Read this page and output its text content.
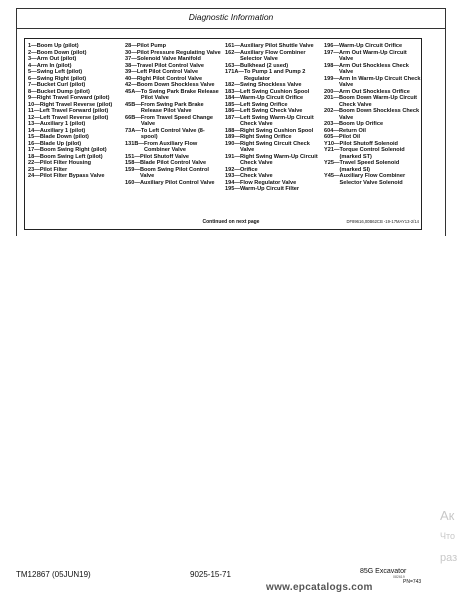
Diagnostic Information
1— Boom Up (pilot)
2— Boom Down (pilot)
3— Arm Out (pilot)
4— Arm In (pilot)
5— Swing Left (pilot)
6— Swing Right (pilot)
7— Bucket Curl (pilot)
8— Bucket Dump (pilot)
9— Right Travel Forward (pilot)
10— Right Travel Reverse (pilot)
11— Left Travel Forward (pilot)
12— Left Travel Reverse (pilot)
13— Auxiliary 1 (pilot)
14— Auxiliary 1 (pilot)
15— Blade Down (pilot)
16— Blade Up (pilot)
17— Boom Swing Right (pilot)
18— Boom Swing Left (pilot)
22— Pilot Filter Housing
23— Pilot Filter
24— Pilot Filter Bypass Valve
28— Pilot Pump
30— Pilot Pressure Regulating Valve
37— Solenoid Valve Manifold
38— Travel Pilot Control Valve
39— Left Pilot Control Valve
40— Right Pilot Control Valve
42— Boom Down Shockless Valve
45A— To Swing Park Brake Release Pilot Valve
45B— From Swing Park Brake Release Pilot Valve
66B— From Travel Speed Change Valve
73A— To Left Control Valve (8-spool)
131B— From Auxiliary Flow Combiner Valve
151— Pilot Shutoff Valve
158— Blade Pilot Control Valve
159— Boom Swing Pilot Control Valve
160— Auxiliary Pilot Control Valve
161— Auxiliary Pilot Shuttle Valve
162— Auxiliary Flow Combiner Selector Valve
163— Bulkhead (2 used)
171A— To Pump 1 and Pump 2 Regulator
182— Swing Shockless Valve
183— Left Swing Cushion Spool
184— Warm-Up Circuit Orifice
185— Left Swing Orifice
186— Left Swing Check Valve
187— Left Swing Warm-Up Circuit Check Valve
188— Right Swing Cushion Spool
189— Right Swing Orifice
190— Right Swing Circuit Check Valve
191— Right Swing Warm-Up Circuit Check Valve
192— Orifice
193— Check Valve
194— Flow Regulator Valve
195— Warm-Up Circuit Filter
196— Warm-Up Circuit Orifice
197— Arm Out Warm-Up Circuit Valve
198— Arm Out Shockless Check Valve
199— Arm In Warm-Up Circuit Check Valve
200— Arm Out Shockless Orifice
201— Boom Down Warm-Up Circuit Check Valve
202— Boom Down Shockless Check Valve
203— Boom Up Orifice
604— Return Oil
605— Pilot Oil
Y10— Pilot Shutoff Solenoid
Y21— Torque Control Solenoid (marked ST)
Y25— Travel Speed Solenoid (marked SI)
Y45— Auxiliary Flow Combiner Selector Valve Solenoid
Continued on next page	DF89616,00B62CB -19-17MAY13-2/14
TM12867 (05JUN19)	9025-15-71	85G Excavator
082619
PN=743
www.epcatalogs.com
Ак
Что
раз
